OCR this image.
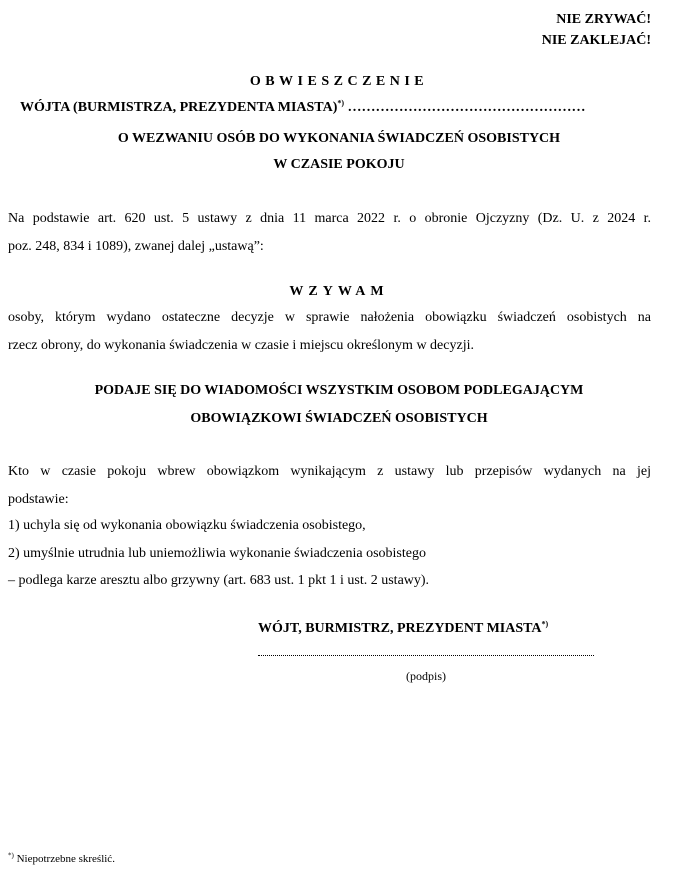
NIE ZRYWAĆ!
NIE ZAKLEJAĆ!
OBWIESZCZENIE
WÓJTA (BURMISTRZA, PREZYDENTA MIASTA)*) ……………………………………………
O WEZWANIU OSÓB DO WYKONANIA ŚWIADCZEŃ OSOBISTYCH
W CZASIE POKOJU
Na podstawie art. 620 ust. 5 ustawy z dnia 11 marca 2022 r. o obronie Ojczyzny (Dz. U. z 2024 r.
poz. 248, 834 i 1089), zwanej dalej „ustawą”:
WZYWAM
osoby, którym wydano ostateczne decyzje w sprawie nałożenia obowiązku świadczeń osobistych na
rzecz obrony, do wykonania świadczenia w czasie i miejscu określonym w decyzji.
PODAJE SIĘ DO WIADOMOŚCI WSZYSTKIM OSOBOM PODLEGAJĄCYM
OBOWIĄZKOWI ŚWIADCZEŃ OSOBISTYCH
Kto w czasie pokoju wbrew obowiązkom wynikającym z ustawy lub przepisów wydanych na jej
podstawie:
1) uchyla się od wykonania obowiązku świadczenia osobistego,
2) umyślnie utrudnia lub uniemożliwia wykonanie świadczenia osobistego
– podlega karze aresztu albo grzywny (art. 683 ust. 1 pkt 1 i ust. 2 ustawy).
WÓJT, BURMISTRZ, PREZYDENT MIASTA*)
(podpis)
*) Niepotrzebne skreślić.
